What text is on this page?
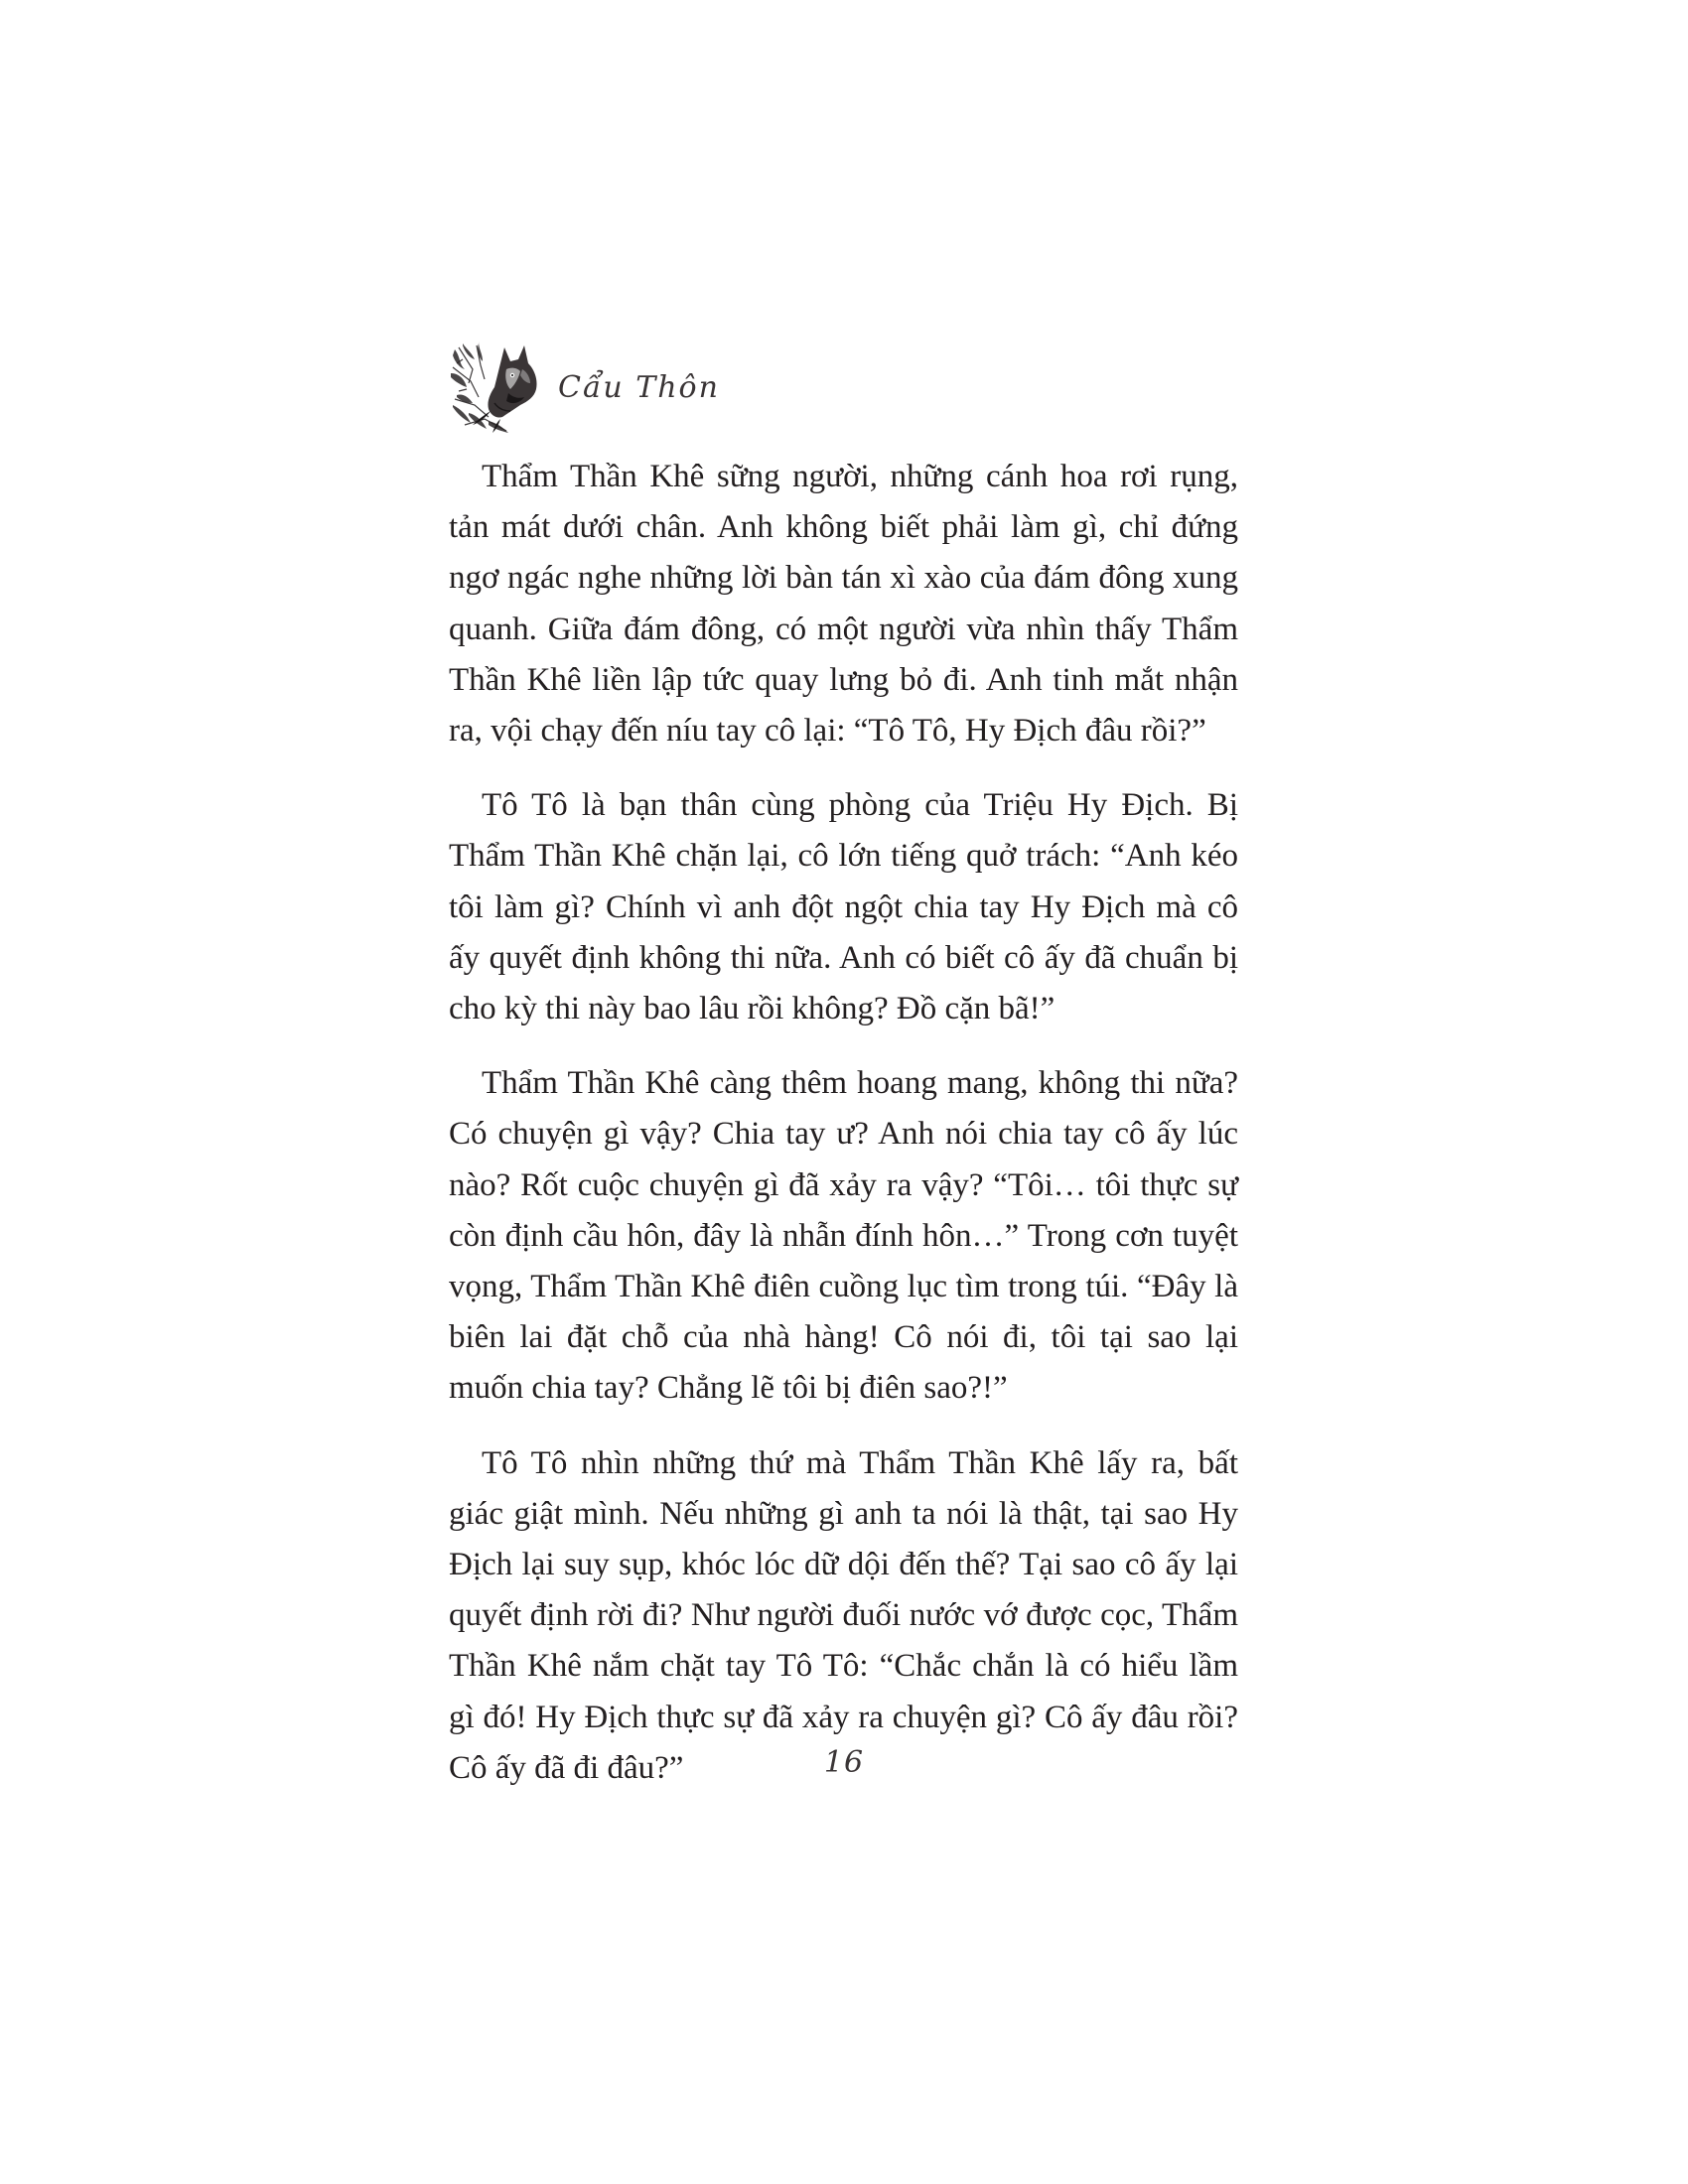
Cẩu Thôn

Thẩm Thần Khê sững người, những cánh hoa rơi rụng, tản mát dưới chân. Anh không biết phải làm gì, chỉ đứng ngơ ngác nghe những lời bàn tán xì xào của đám đông xung quanh. Giữa đám đông, có một người vừa nhìn thấy Thẩm Thần Khê liền lập tức quay lưng bỏ đi. Anh tinh mắt nhận ra, vội chạy đến níu tay cô lại: “Tô Tô, Hy Địch đâu rồi?”

Tô Tô là bạn thân cùng phòng của Triệu Hy Địch. Bị Thẩm Thần Khê chặn lại, cô lớn tiếng quở trách: “Anh kéo tôi làm gì? Chính vì anh đột ngột chia tay Hy Địch mà cô ấy quyết định không thi nữa. Anh có biết cô ấy đã chuẩn bị cho kỳ thi này bao lâu rồi không? Đồ cặn bã!”

Thẩm Thần Khê càng thêm hoang mang, không thi nữa? Có chuyện gì vậy? Chia tay ư? Anh nói chia tay cô ấy lúc nào? Rốt cuộc chuyện gì đã xảy ra vậy? “Tôi… tôi thực sự còn định cầu hôn, đây là nhẫn đính hôn…” Trong cơn tuyệt vọng, Thẩm Thần Khê điên cuồng lục tìm trong túi. “Đây là biên lai đặt chỗ của nhà hàng! Cô nói đi, tôi tại sao lại muốn chia tay? Chẳng lẽ tôi bị điên sao?!”

Tô Tô nhìn những thứ mà Thẩm Thần Khê lấy ra, bất giác giật mình. Nếu những gì anh ta nói là thật, tại sao Hy Địch lại suy sụp, khóc lóc dữ dội đến thế? Tại sao cô ấy lại quyết định rời đi? Như người đuối nước vớ được cọc, Thẩm Thần Khê nắm chặt tay Tô Tô: “Chắc chắn là có hiểu lầm gì đó! Hy Địch thực sự đã xảy ra chuyện gì? Cô ấy đâu rồi? Cô ấy đã đi đâu?”	16
